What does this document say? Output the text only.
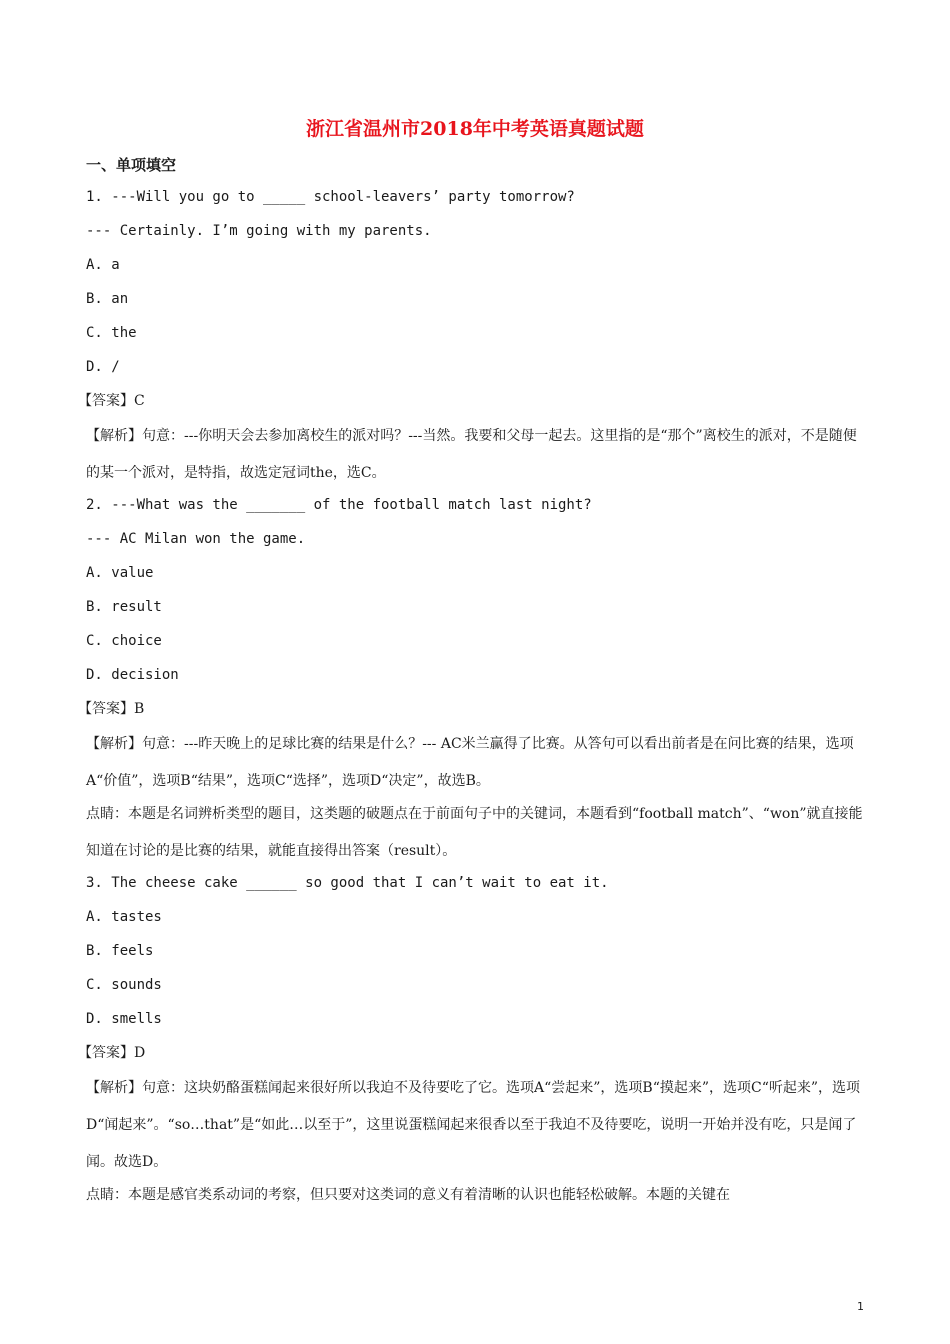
浙江省温州市2018年中考英语真题试题
一、单项填空
1. ---Will you go to _____ school-leavers’ party tomorrow?
--- Certainly. I’m going with my parents.
A. a
B. an
C. the
D. /
【答案】C
【解析】句意：---你明天会去参加离校生的派对吗？---当然。我要和父母一起去。这里指的是“那个”离校生的派对，不是随便的某一个派对，是特指，故选定冠词the，选C。
2. ---What was the _______ of the football match last night?
--- AC Milan won the game.
A. value
B. result
C. choice
D. decision
【答案】B
【解析】句意：---昨天晚上的足球比赛的结果是什么？--- AC米兰赢得了比赛。从答句可以看出前者是在问比赛的结果，选项A“价值”，选项B“结果”，选项C“选择”，选项D“决定”，故选B。
点睛：本题是名词辨析类型的题目，这类题的破题点在于前面句子中的关键词，本题看到“football match”、“won”就直接能知道在讨论的是比赛的结果，就能直接得出答案（result）。
3. The cheese cake ______ so good that I can’t wait to eat it.
A. tastes
B. feels
C. sounds
D. smells
【答案】D
【解析】句意：这块奶酪蛋糕闻起来很好所以我迫不及待要吃了它。选项A“尝起来”，选项B“摸起来”，选项C“听起来”，选项D“闻起来”。“so…that”是“如此…以至于”，这里说蛋糕闻起来很香以至于我迫不及待要吃，说明一开始并没有吃，只是闻了闻。故选D。
点睛：本题是感官类系动词的考察，但只要对这类词的意义有着清晰的认识也能轻松破解。本题的关键在
1
